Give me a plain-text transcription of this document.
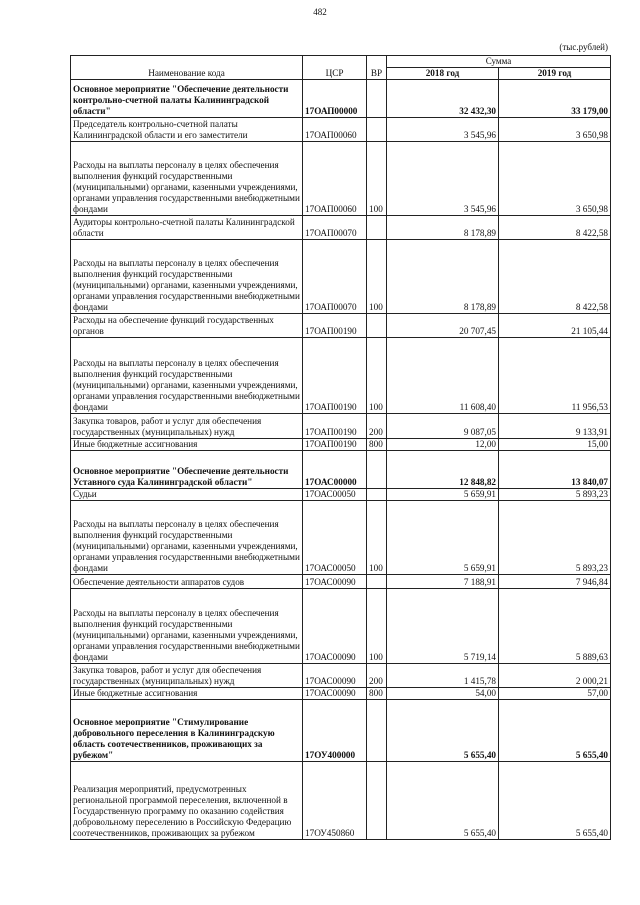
482
(тыс.рублей)
Наименование кода	ЦСР	ВР	Сумма	
			2018 год	2019 год
Основное мероприятие "Обеспечение деятельности контрольно-счетной палаты Калининградской области"	17ОАП00000		32 432,30	33 179,00
Председатель контрольно-счетной палаты Калининградской области и его заместители	17ОАП00060		3 545,96	3 650,98
Расходы на выплаты персоналу в целях обеспечения выполнения функций государственными (муниципальными) органами, казенными учреждениями, органами управления государственными внебюджетными фондами	17ОАП00060	100	3 545,96	3 650,98
Аудиторы контрольно-счетной палаты Калининградской области	17ОАП00070		8 178,89	8 422,58
Расходы на выплаты персоналу в целях обеспечения выполнения функций государственными (муниципальными) органами, казенными учреждениями, органами управления государственными внебюджетными фондами	17ОАП00070	100	8 178,89	8 422,58
Расходы на обеспечение функций государственных органов	17ОАП00190		20 707,45	21 105,44
Расходы на выплаты персоналу в целях обеспечения выполнения функций государственными (муниципальными) органами, казенными учреждениями, органами управления государственными внебюджетными фондами	17ОАП00190	100	11 608,40	11 956,53
Закупка товаров, работ и услуг для обеспечения государственных (муниципальных) нужд	17ОАП00190	200	9 087,05	9 133,91
Иные бюджетные ассигнования	17ОАП00190	800	12,00	15,00
Основное мероприятие "Обеспечение деятельности Уставного суда Калининградской области"	17ОАС00000		12 848,82	13 840,07
Судьи	17ОАС00050		5 659,91	5 893,23
Расходы на выплаты персоналу в целях обеспечения выполнения функций государственными (муниципальными) органами, казенными учреждениями, органами управления государственными внебюджетными фондами	17ОАС00050	100	5 659,91	5 893,23
Обеспечение деятельности аппаратов судов	17ОАС00090		7 188,91	7 946,84
Расходы на выплаты персоналу в целях обеспечения выполнения функций государственными (муниципальными) органами, казенными учреждениями, органами управления государственными внебюджетными фондами	17ОАС00090	100	5 719,14	5 889,63
Закупка товаров, работ и услуг для обеспечения государственных (муниципальных) нужд	17ОАС00090	200	1 415,78	2 000,21
Иные бюджетные ассигнования	17ОАС00090	800	54,00	57,00
Основное мероприятие "Стимулирование добровольного переселения в Калининградскую область соотечественников, проживающих за рубежом"	17ОУ400000		5 655,40	5 655,40
Реализация мероприятий, предусмотренных региональной программой переселения, включенной в Государственную программу по оказанию содействия добровольному переселению в Российскую Федерацию соотечественников, проживающих за рубежом	17ОУ450860		5 655,40	5 655,40
